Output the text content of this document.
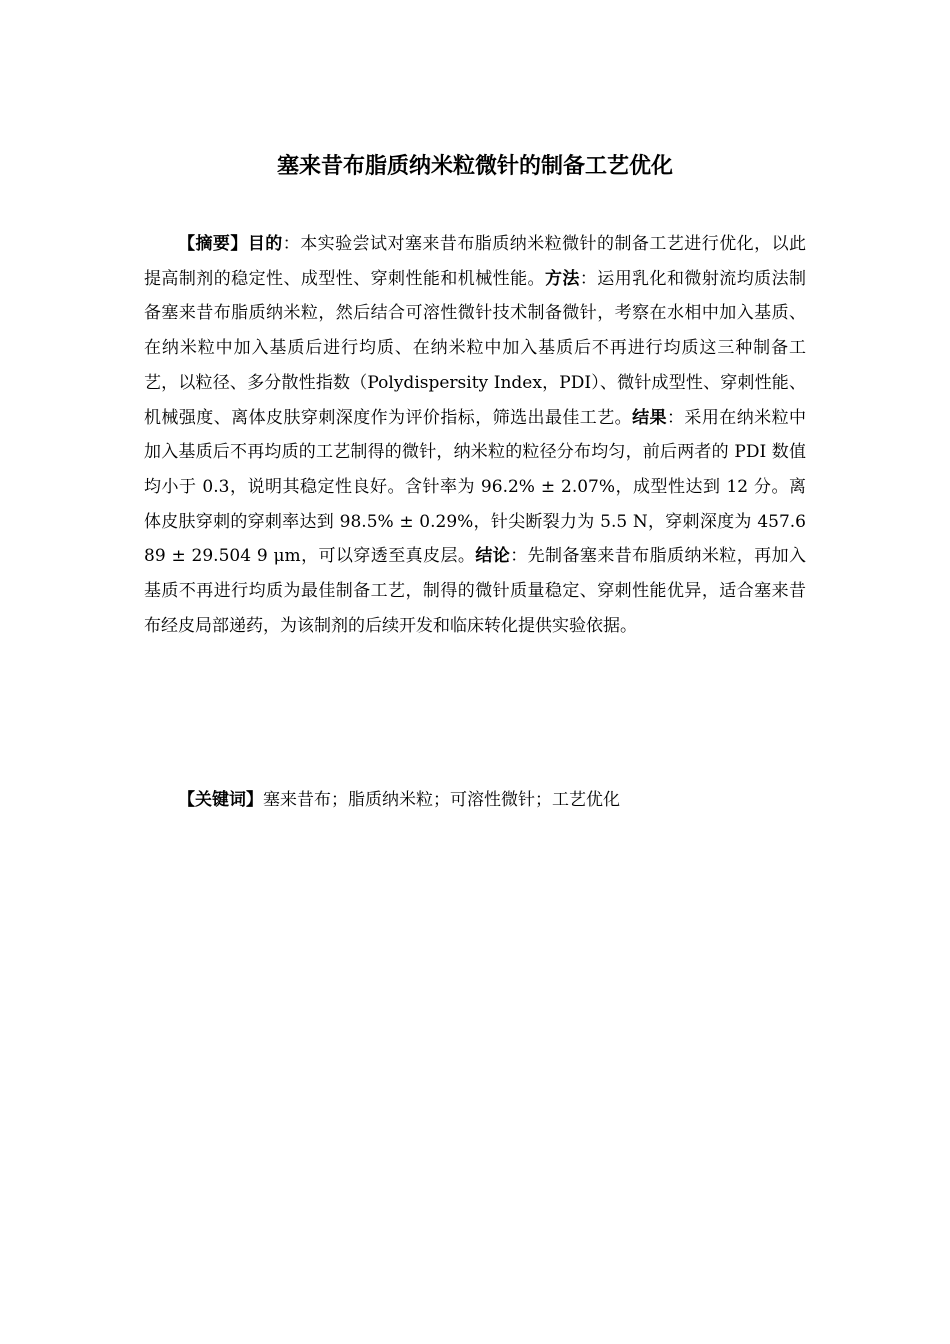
塞来昔布脂质纳米粒微针的制备工艺优化

【摘要】目的：本实验尝试对塞来昔布脂质纳米粒微针的制备工艺进行优化，以此提高制剂的稳定性、成型性、穿刺性能和机械性能。方法：运用乳化和微射流均质法制备塞来昔布脂质纳米粒，然后结合可溶性微针技术制备微针，考察在水相中加入基质、在纳米粒中加入基质后进行均质、在纳米粒中加入基质后不再进行均质这三种制备工艺，以粒径、多分散性指数（Polydispersity Index，PDI）、微针成型性、穿刺性能、机械强度、离体皮肤穿刺深度作为评价指标，筛选出最佳工艺。结果：采用在纳米粒中加入基质后不再均质的工艺制得的微针，纳米粒的粒径分布均匀，前后两者的 PDI 数值均小于 0.3，说明其稳定性良好。含针率为 96.2% ± 2.07%，成型性达到 12 分。离体皮肤穿刺的穿刺率达到 98.5% ± 0.29%，针尖断裂力为 5.5 N，穿刺深度为 457.689 ± 29.504 9 μm，可以穿透至真皮层。结论：先制备塞来昔布脂质纳米粒，再加入基质不再进行均质为最佳制备工艺，制得的微针质量稳定、穿刺性能优异，适合塞来昔布经皮局部递药，为该制剂的后续开发和临床转化提供实验依据。

【关键词】塞来昔布；脂质纳米粒；可溶性微针；工艺优化
